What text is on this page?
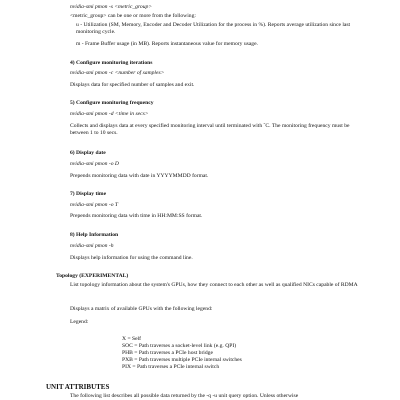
nvidia-smi pmon -s <metric_group>
<metric_group> can be one or more from the following:
u - Utilization (SM, Memory, Encoder and Decoder Utilization for the process in %). Reports average utilization since last monitoring cycle.
m - Frame Buffer usage (in MB). Reports instantaneous value for memory usage.
4) Configure monitoring iterations
nvidia-smi pmon -c <number of samples>
Displays data for specified number of samples and exit.
5) Configure monitoring frequency
nvidia-smi pmon -d <time in secs>
Collects and displays data at every specified monitoring interval until terminated with ˆC. The monitoring frequency must be between 1 to 10 secs.
6) Display date
nvidia-smi pmon -o D
Prepends monitoring data with date in YYYYMMDD format.
7) Display time
nvidia-smi pmon -o T
Prepends monitoring data with time in HH:MM:SS format.
8) Help Information
nvidia-smi pmon -h
Displays help information for using the command line.
Topology (EXPERIMENTAL)
List topology information about the system's GPUs, how they connect to each other as well as qualified NICs capable of RDMA
Displays a matrix of available GPUs with the following legend:
Legend:
X = Self
SOC = Path traverses a socket-level link (e.g. QPI)
PHB = Path traverses a PCIe host bridge
PXB = Path traverses multiple PCIe internal switches
PIX = Path traverses a PCIe internal switch
UNIT ATTRIBUTES
The following list describes all possible data returned by the -q -u unit query option. Unless otherwise
